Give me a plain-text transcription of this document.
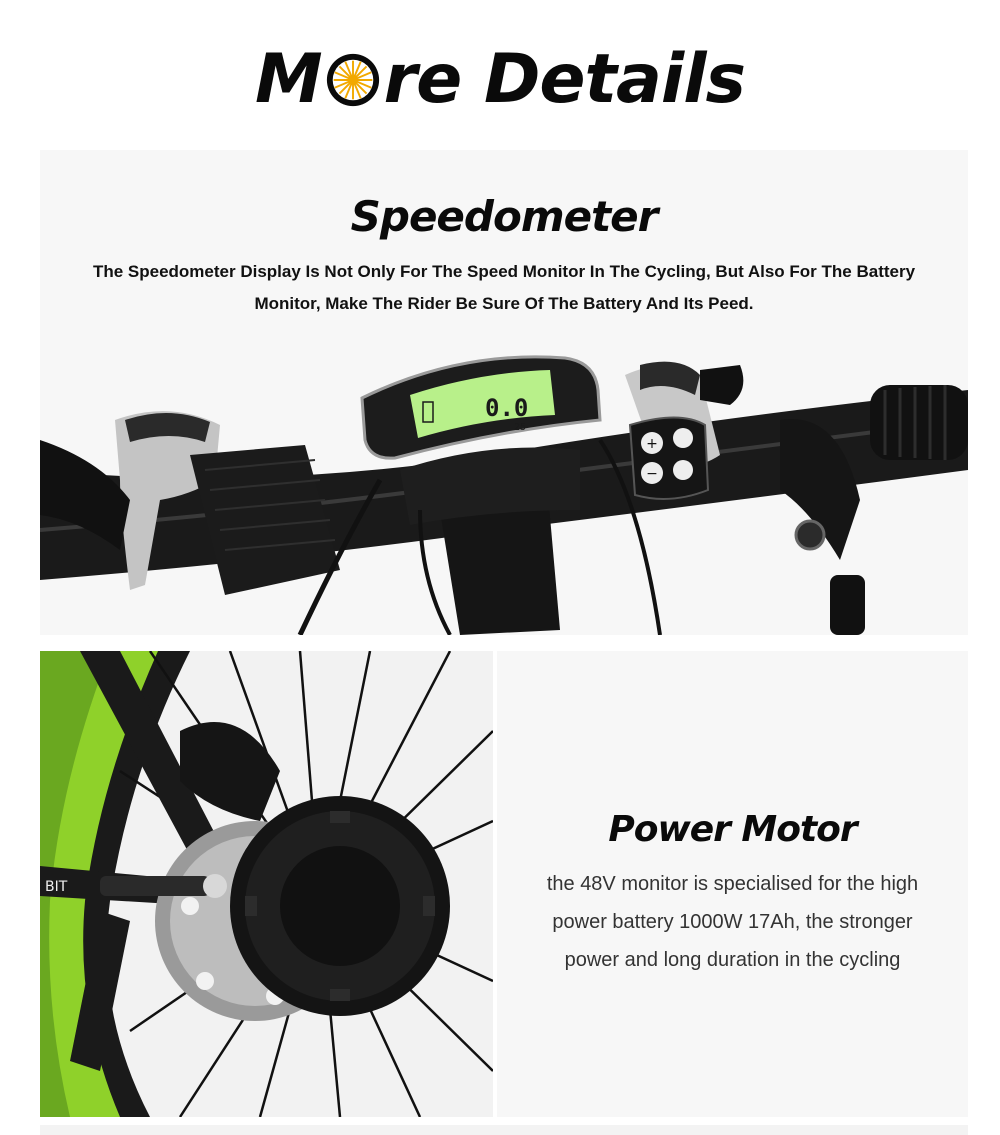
M re Details
Speedometer
The Speedometer Display Is Not Only For The Speed Monitor In The Cycling, But Also For The Battery
Monitor, Make The Rider Be Sure Of The Battery And Its Peed.
+
−
0.0
25
BIT
Power Motor
the 48V monitor is specialised for the high
power battery 1000W 17Ah, the stronger
power and long duration in the cycling
